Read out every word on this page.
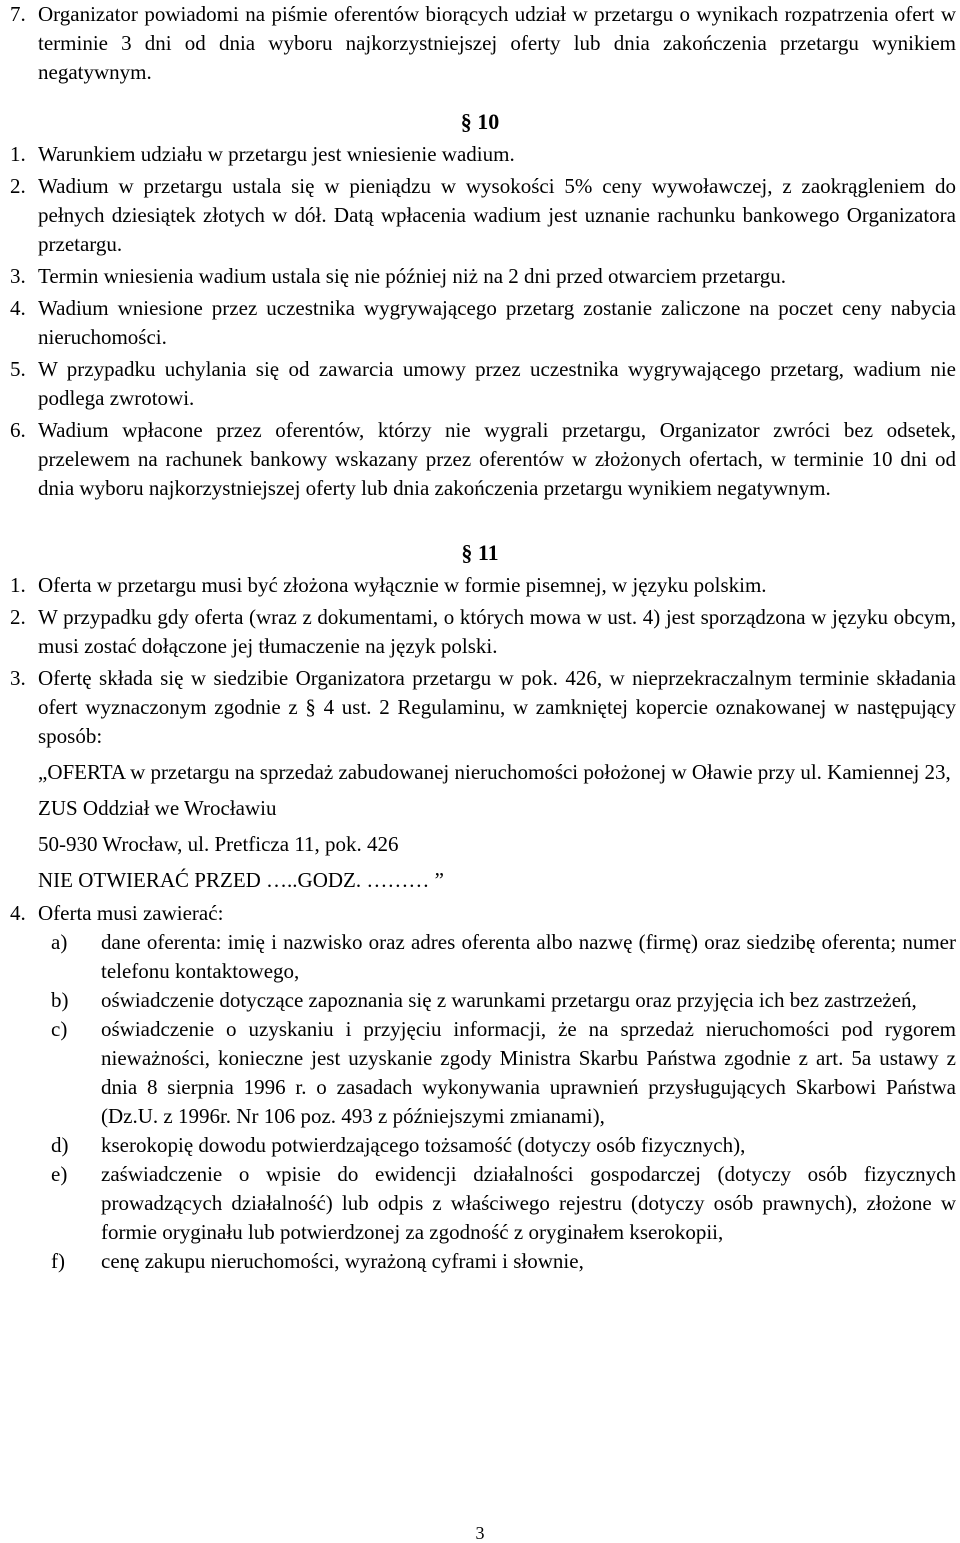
7. Organizator powiadomi na piśmie oferentów biorących udział w przetargu o wynikach rozpatrzenia ofert w terminie 3 dni od dnia wyboru najkorzystniejszej oferty lub dnia zakończenia przetargu wynikiem negatywnym.
§ 10
1. Warunkiem udziału w przetargu jest wniesienie wadium.
2. Wadium w przetargu ustala się w pieniądzu w wysokości 5% ceny wywoławczej, z zaokrągleniem do pełnych dziesiątek złotych w dół. Datą wpłacenia wadium jest uznanie rachunku bankowego Organizatora przetargu.
3. Termin wniesienia wadium ustala się nie później niż na 2 dni przed otwarciem przetargu.
4. Wadium wniesione przez uczestnika wygrywającego przetarg zostanie zaliczone na poczet ceny nabycia nieruchomości.
5. W przypadku uchylania się od zawarcia umowy przez uczestnika wygrywającego przetarg, wadium nie podlega zwrotowi.
6. Wadium wpłacone przez oferentów, którzy nie wygrali przetargu, Organizator zwróci bez odsetek, przelewem na rachunek bankowy wskazany przez oferentów w złożonych ofertach, w terminie 10 dni od dnia wyboru najkorzystniejszej oferty lub dnia zakończenia przetargu wynikiem negatywnym.
§ 11
1. Oferta w przetargu musi być złożona wyłącznie w formie pisemnej, w języku polskim.
2. W przypadku gdy oferta (wraz z dokumentami, o których mowa w ust. 4) jest sporządzona w języku obcym, musi zostać dołączone jej tłumaczenie na język polski.
3. Ofertę składa się w siedzibie Organizatora przetargu w pok. 426, w nieprzekraczalnym terminie składania ofert wyznaczonym zgodnie z § 4 ust. 2 Regulaminu, w zamkniętej kopercie oznakowanej w następujący sposób:
„OFERTA w przetargu na sprzedaż zabudowanej nieruchomości położonej w Oławie przy ul. Kamiennej 23,
ZUS Oddział we Wrocławiu
50-930 Wrocław, ul. Pretficza 11, pok. 426
NIE OTWIERAĆ PRZED …..GODZ. ……… ”
4. Oferta musi zawierać:
a)	dane oferenta: imię i nazwisko oraz adres oferenta albo nazwę (firmę) oraz siedzibę oferenta; numer telefonu kontaktowego,
b)	oświadczenie dotyczące zapoznania się z warunkami przetargu oraz przyjęcia ich bez zastrzeżeń,
c)	oświadczenie o uzyskaniu i przyjęciu informacji, że na sprzedaż nieruchomości pod rygorem nieważności, konieczne jest uzyskanie zgody Ministra Skarbu Państwa zgodnie z art. 5a ustawy z dnia 8 sierpnia 1996 r. o zasadach wykonywania uprawnień przysługujących Skarbowi Państwa (Dz.U. z 1996r. Nr 106 poz. 493 z późniejszymi zmianami),
d)	kserokopię dowodu potwierdzającego tożsamość (dotyczy osób fizycznych),
e)	zaświadczenie o wpisie do ewidencji działalności gospodarczej (dotyczy osób fizycznych prowadzących działalność) lub odpis z właściwego rejestru (dotyczy osób prawnych), złożone w formie oryginału lub potwierdzonej za zgodność z oryginałem kserokopii,
f)	cenę zakupu nieruchomości, wyrażoną cyframi i słownie,
3
